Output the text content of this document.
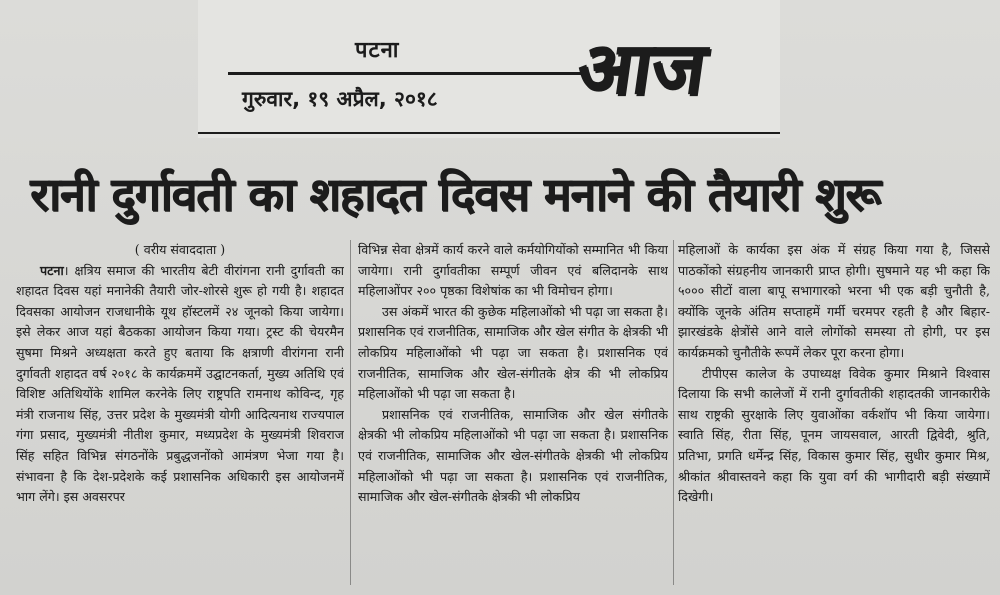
पटना
गुरुवार, १९ अप्रैल, २०१८ आज
रानी दुर्गावती का शहादत दिवस मनाने की तैयारी शुरू

( वरीय संवाददाता )

पटना। क्षत्रिय समाज की भारतीय बेटी वीरांगना रानी दुर्गावती का शहादत दिवस यहां मनानेकी तैयारी जोर-शोरसे शुरू हो गयी है। शहादत दिवसका आयोजन राजधानीके यूथ हॉस्टलमें २४ जूनको किया जायेगा। इसे लेकर आज यहां बैठकका आयोजन किया गया। ट्रस्ट की चेयरमैन सुषमा मिश्रने अध्यक्षता करते हुए बताया कि क्षत्राणी वीरांगना रानी दुर्गावती शहादत वर्ष २०१८ के कार्यक्रममें उद्घाटनकर्ता, मुख्य अतिथि एवं विशिष्ट अतिथियोंके शामिल करनेके लिए राष्ट्रपति रामनाथ कोविन्द, गृह मंत्री राजनाथ सिंह, उत्तर प्रदेश के मुख्यमंत्री योगी आदित्यनाथ राज्यपाल गंगा प्रसाद, मुख्यमंत्री नीतीश कुमार, मध्यप्रदेश के मुख्यमंत्री शिवराज सिंह सहित विभिन्न संगठनोंके प्रबुद्धजनोंको आमंत्रण भेजा गया है। संभावना है कि देश-प्रदेशके कई प्रशासनिक अधिकारी इस आयोजनमें भाग लेंगे। इस अवसरपर

विभिन्न सेवा क्षेत्रमें कार्य करने वाले कर्मयोगियोंको सम्मानित भी किया जायेगा। रानी दुर्गावतीका सम्पूर्ण जीवन एवं बलिदानके साथ महिलाओंपर २०० पृष्ठका विशेषांक का भी विमोचन होगा।

उस अंकमें भारत की कुछेक महिलाओंको भी पढ़ा जा सकता है। प्रशासनिक एवं राजनीतिक, सामाजिक और खेल संगीत के क्षेत्रकी भी लोकप्रिय महिलाओंको भी पढ़ा जा सकता है। प्रशासनिक एवं राजनीतिक, सामाजिक और खेल-संगीतके क्षेत्र की भी लोकप्रिय महिलाओंको भी पढ़ा जा सकता है।

प्रशासनिक एवं राजनीतिक, सामाजिक और खेल संगीतके क्षेत्रकी भी लोकप्रिय महिलाओंको भी पढ़ा जा सकता है। प्रशासनिक एवं राजनीतिक, सामाजिक और खेल-संगीतके क्षेत्रकी भी लोकप्रिय महिलाओंको भी पढ़ा जा सकता है। प्रशासनिक एवं राजनीतिक, सामाजिक और खेल-संगीतके क्षेत्रकी भी लोकप्रिय

महिलाओं के कार्यका इस अंक में संग्रह किया गया है, जिससे पाठकोंको संग्रहनीय जानकारी प्राप्त होगी। सुषमाने यह भी कहा कि ५००० सीटों वाला बापू सभागारको भरना भी एक बड़ी चुनौती है, क्योंकि जूनके अंतिम सप्ताहमें गर्मी चरमपर रहती है और बिहार-झारखंडके क्षेत्रोंसे आने वाले लोगोंको समस्या तो होगी, पर इस कार्यक्रमको चुनौतीके रूपमें लेकर पूरा करना होगा।

टीपीएस कालेज के उपाध्यक्ष विवेक कुमार मिश्राने विश्वास दिलाया कि सभी कालेजों में रानी दुर्गावतीकी शहादतकी जानकारीके साथ राष्ट्रकी सुरक्षाके लिए युवाओंका वर्कशॉप भी किया जायेगा। स्वाति सिंह, रीता सिंह, पूनम जायसवाल, आरती द्विवेदी, श्रुति, प्रतिभा, प्रगति धर्मेन्द्र सिंह, विकास कुमार सिंह, सुधीर कुमार मिश्र, श्रीकांत श्रीवास्तवने कहा कि युवा वर्ग की भागीदारी बड़ी संख्यामें दिखेगी।
